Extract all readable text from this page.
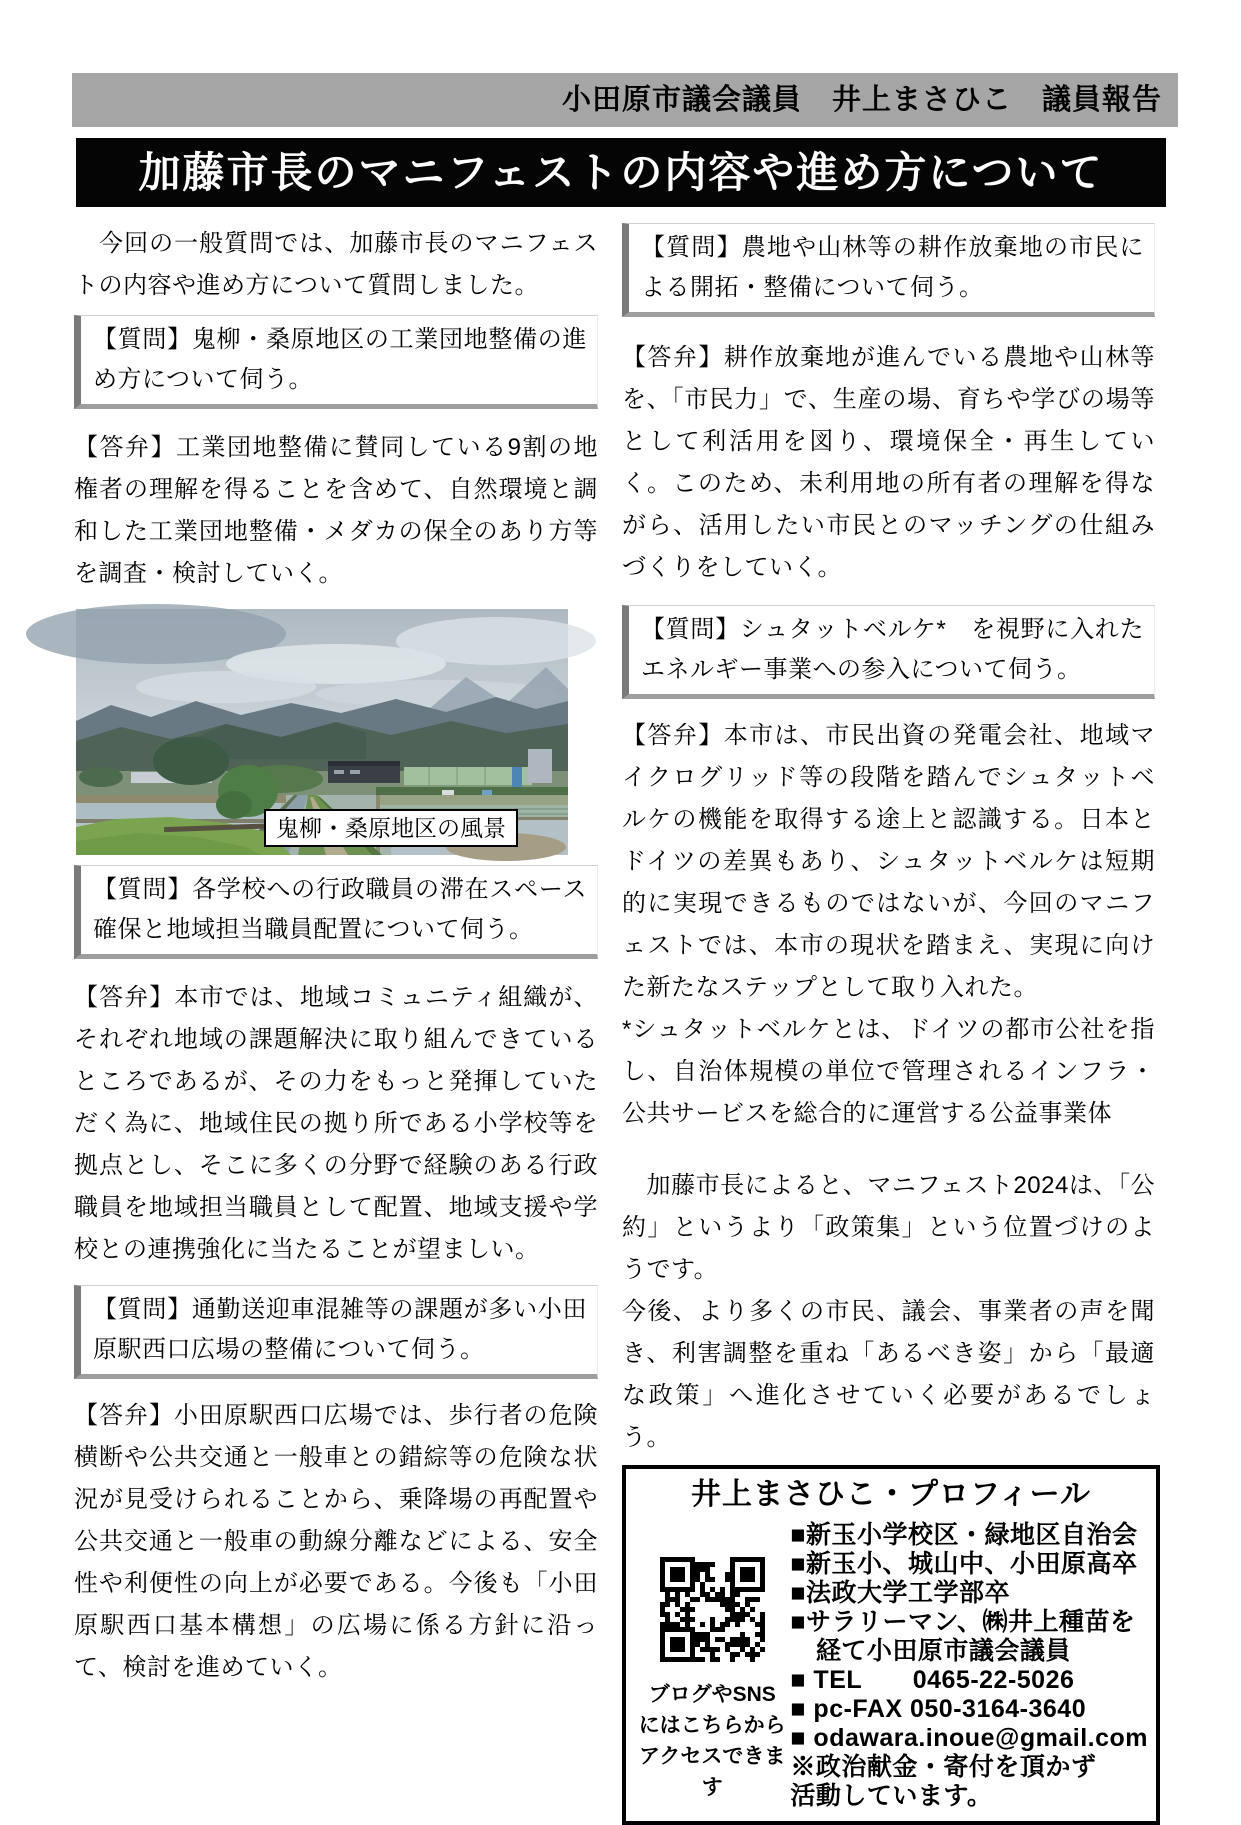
小田原市議会議員　井上まさひこ　議員報告
加藤市長のマニフェストの内容や進め方について

　今回の一般質問では、加藤市長のマニフェストの内容や進め方について質問しました。

【質問】鬼柳・桑原地区の工業団地整備の進め方について伺う。

【答弁】工業団地整備に賛同している9割の地権者の理解を得ることを含めて、自然環境と調和した工業団地整備・メダカの保全のあり方等を調査・検討していく。

鬼柳・桑原地区の風景
【質問】各学校への行政職員の滞在スペース確保と地域担当職員配置について伺う。

【答弁】本市では、地域コミュニティ組織が、それぞれ地域の課題解決に取り組んできているところであるが、その力をもっと発揮していただく為に、地域住民の拠り所である小学校等を拠点とし、そこに多くの分野で経験のある行政職員を地域担当職員として配置、地域支援や学校との連携強化に当たることが望ましい。

【質問】通勤送迎車混雑等の課題が多い小田原駅西口広場の整備について伺う。

【答弁】小田原駅西口広場では、歩行者の危険横断や公共交通と一般車との錯綜等の危険な状況が見受けられることから、乗降場の再配置や公共交通と一般車の動線分離などによる、安全性や利便性の向上が必要である。今後も「小田原駅西口基本構想」の広場に係る方針に沿って、検討を進めていく。

【質問】農地や山林等の耕作放棄地の市民による開拓・整備について伺う。

【答弁】耕作放棄地が進んでいる農地や山林等を、「市民力」で、生産の場、育ちや学びの場等として利活用を図り、環境保全・再生していく。このため、未利用地の所有者の理解を得ながら、活用したい市民とのマッチングの仕組みづくりをしていく。

【質問】シュタットベルケ*　を視野に入れたエネルギー事業への参入について伺う。

【答弁】本市は、市民出資の発電会社、地域マイクログリッド等の段階を踏んでシュタットベルケの機能を取得する途上と認識する。日本とドイツの差異もあり、シュタットベルケは短期的に実現できるものではないが、今回のマニフェストでは、本市の現状を踏まえ、実現に向けた新たなステップとして取り入れた。

*シュタットベルケとは、ドイツの都市公社を指し、自治体規模の単位で管理されるインフラ・公共サービスを総合的に運営する公益事業体

　加藤市長によると、マニフェスト2024は、「公約」というより「政策集」という位置づけのようです。

今後、より多くの市民、議会、事業者の声を聞き、利害調整を重ね「あるべき姿」から「最適な政策」へ進化させていく必要があるでしょう。

井上まさひこ・プロフィール
ブログやSNS
にはこちらから
アクセスできます
■新玉小学校区・緑地区自治会
■新玉小、城山中、小田原高卒
■法政大学工学部卒
■サラリーマン、㈱井上種苗を
　経て小田原市議会議員
■ TEL　　0465-22-5026
■ pc-FAX 050-3164-3640
■ odawara.inoue@gmail.com
※政治献金・寄付を頂かず
活動しています。
